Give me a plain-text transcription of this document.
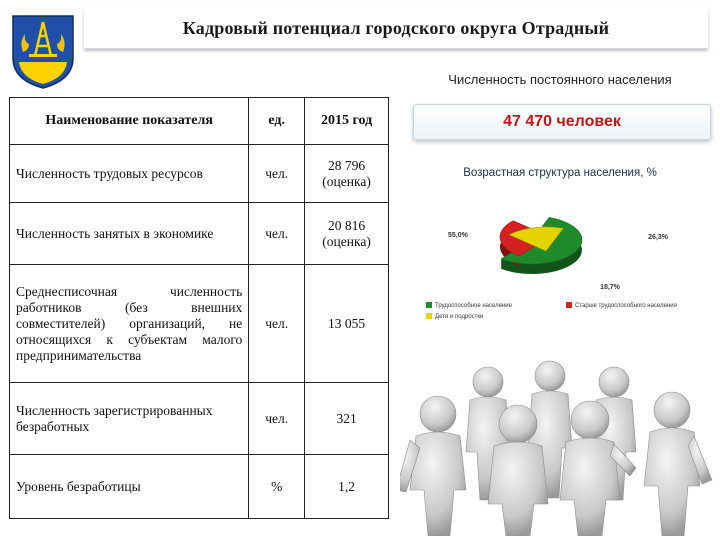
Кадровый потенциал городского округа Отрадный
Наименование показателя	ед.	2015 год
Численность трудовых ресурсов	чел.	28 796
(оценка)
Численность занятых в экономике	чел.	20 816
(оценка)
Среднесписочная численность работников (без внешних совместителей) организаций, не относящихся к субъектам малого предпринимательства	чел.	13 055
Численность зарегистрированных безработных	чел.	321
Уровень безработицы	%	1,2
Численность постоянного населения
47 470 человек
Возрастная структура населения, %
55,0%	26,3%
18,7%
Трудоспособное население	Старше трудоспособного населения
Дети и подростки
